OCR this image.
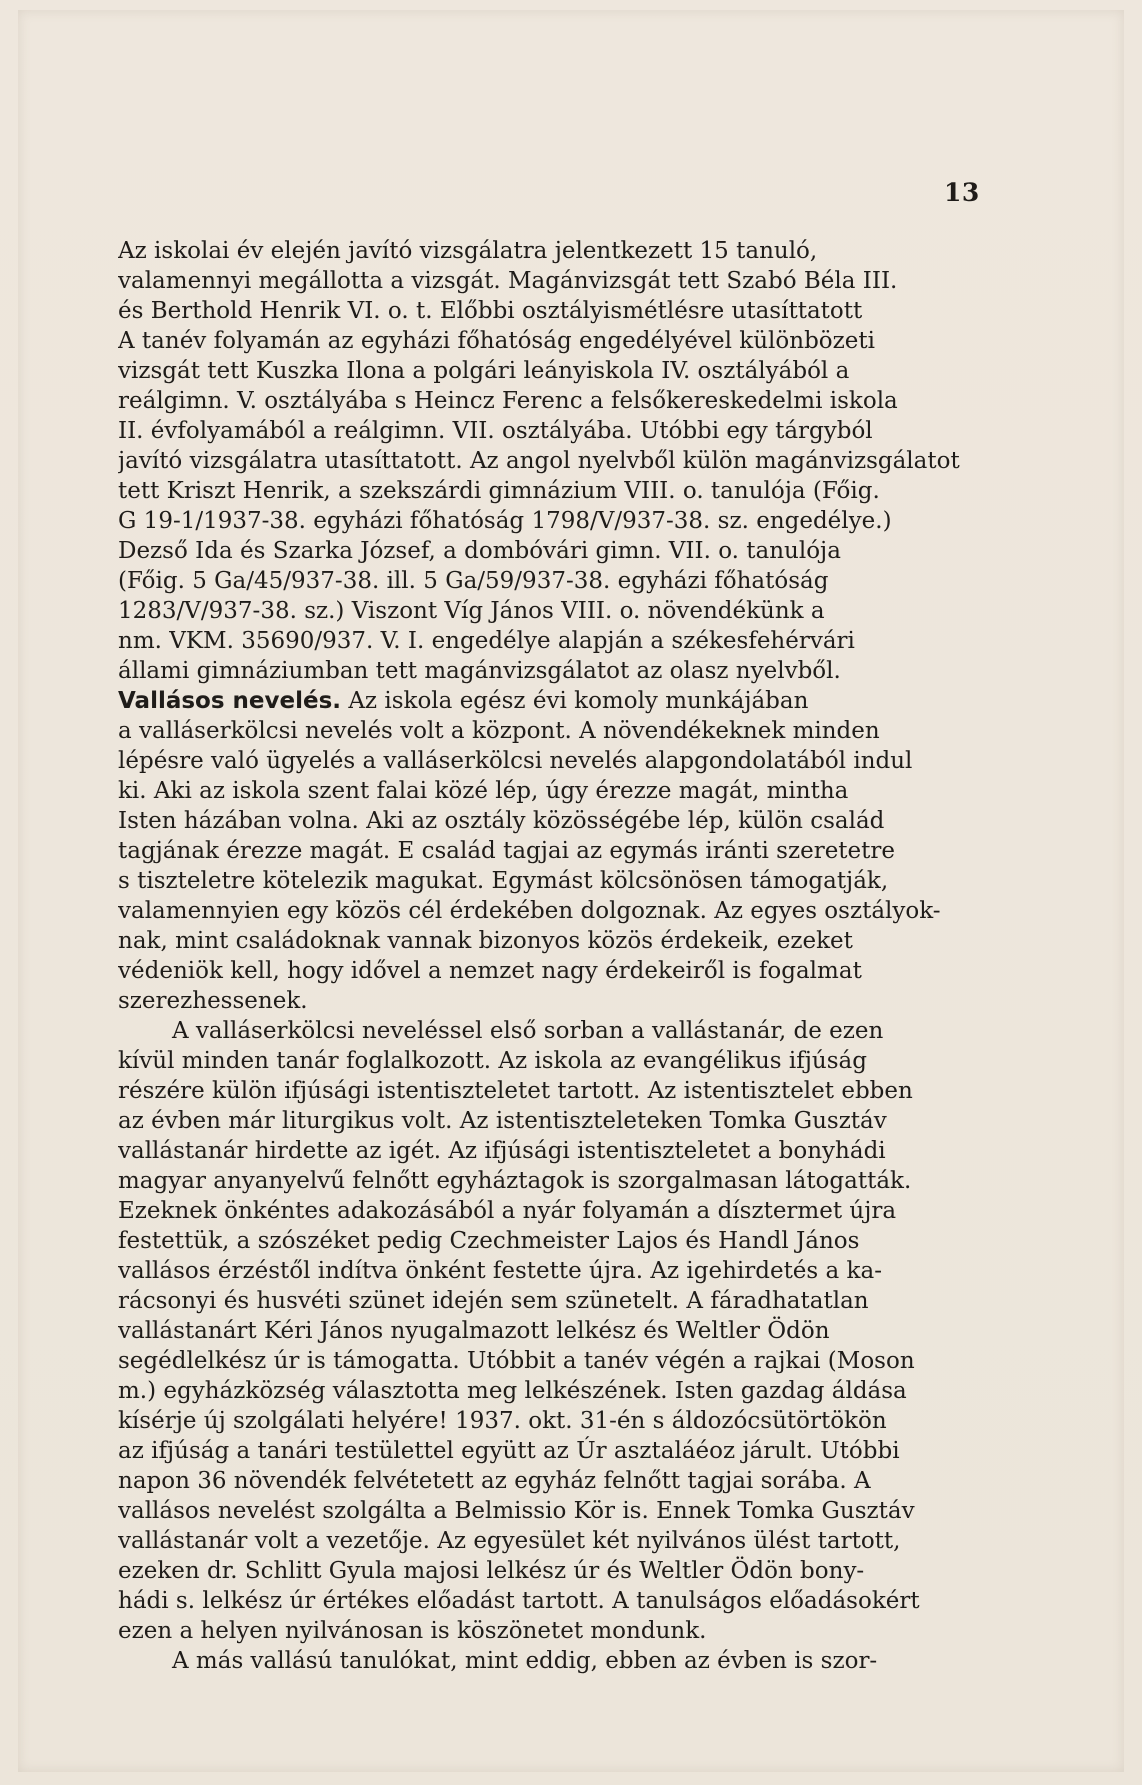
13
Az iskolai év elején javító vizsgálatra jelentkezett 15 tanuló,
valamennyi megállotta a vizsgát. Magánvizsgát tett Szabó Béla III.
és Berthold Henrik VI. o. t. Előbbi osztályismétlésre utasíttatott
A tanév folyamán az egyházi főhatóság engedélyével különbözeti
vizsgát tett Kuszka Ilona a polgári leányiskola IV. osztályából a
reálgimn. V. osztályába s Heincz Ferenc a felsőkereskedelmi iskola
II. évfolyamából a reálgimn. VII. osztályába. Utóbbi egy tárgyból
javító vizsgálatra utasíttatott. Az angol nyelvből külön magánvizsgálatot
tett Kriszt Henrik, a szekszárdi gimnázium VIII. o. tanulója (Főig.
G 19-1/1937-38. egyházi főhatóság 1798/V/937-38. sz. engedélye.)
Dezső Ida és Szarka József, a dombóvári gimn. VII. o. tanulója
(Főig. 5 Ga/45/937-38. ill. 5 Ga/59/937-38. egyházi főhatóság
1283/V/937-38. sz.) Viszont Víg János VIII. o. növendékünk a
nm. VKM. 35690/937. V. I. engedélye alapján a székesfehérvári
állami gimnáziumban tett magánvizsgálatot az olasz nyelvből.
Vallásos nevelés. Az iskola egész évi komoly munkájában
a valláserkölcsi nevelés volt a központ. A növendékeknek minden
lépésre való ügyelés a valláserkölcsi nevelés alapgondolatából indul
ki. Aki az iskola szent falai közé lép, úgy érezze magát, mintha
Isten házában volna. Aki az osztály közösségébe lép, külön család
tagjának érezze magát. E család tagjai az egymás iránti szeretetre
s tiszteletre kötelezik magukat. Egymást kölcsönösen támogatják,
valamennyien egy közös cél érdekében dolgoznak. Az egyes osztályok-
nak, mint családoknak vannak bizonyos közös érdekeik, ezeket
védeniök kell, hogy idővel a nemzet nagy érdekeiről is fogalmat
szerezhessenek.
A valláserkölcsi neveléssel első sorban a vallástanár, de ezen
kívül minden tanár foglalkozott. Az iskola az evangélikus ifjúság
részére külön ifjúsági istentiszteletet tartott. Az istentisztelet ebben
az évben már liturgikus volt. Az istentiszteleteken Tomka Gusztáv
vallástanár hirdette az igét. Az ifjúsági istentiszteletet a bonyhádi
magyar anyanyelvű felnőtt egyháztagok is szorgalmasan látogatták.
Ezeknek önkéntes adakozásából a nyár folyamán a dísztermet újra
festettük, a szószéket pedig Czechmeister Lajos és Handl János
vallásos érzéstől indítva önként festette újra. Az igehirdetés a ka-
rácsonyi és husvéti szünet idején sem szünetelt. A fáradhatatlan
vallástanárt Kéri János nyugalmazott lelkész és Weltler Ödön
segédlelkész úr is támogatta. Utóbbit a tanév végén a rajkai (Moson
m.) egyházközség választotta meg lelkészének. Isten gazdag áldása
kísérje új szolgálati helyére! 1937. okt. 31-én s áldozócsütörtökön
az ifjúság a tanári testülettel együtt az Úr asztaláéoz járult. Utóbbi
napon 36 növendék felvétetett az egyház felnőtt tagjai sorába. A
vallásos nevelést szolgálta a Belmissio Kör is. Ennek Tomka Gusztáv
vallástanár volt a vezetője. Az egyesület két nyilvános ülést tartott,
ezeken dr. Schlitt Gyula majosi lelkész úr és Weltler Ödön bony-
hádi s. lelkész úr értékes előadást tartott. A tanulságos előadásokért
ezen a helyen nyilvánosan is köszönetet mondunk.
A más vallású tanulókat, mint eddig, ebben az évben is szor-
